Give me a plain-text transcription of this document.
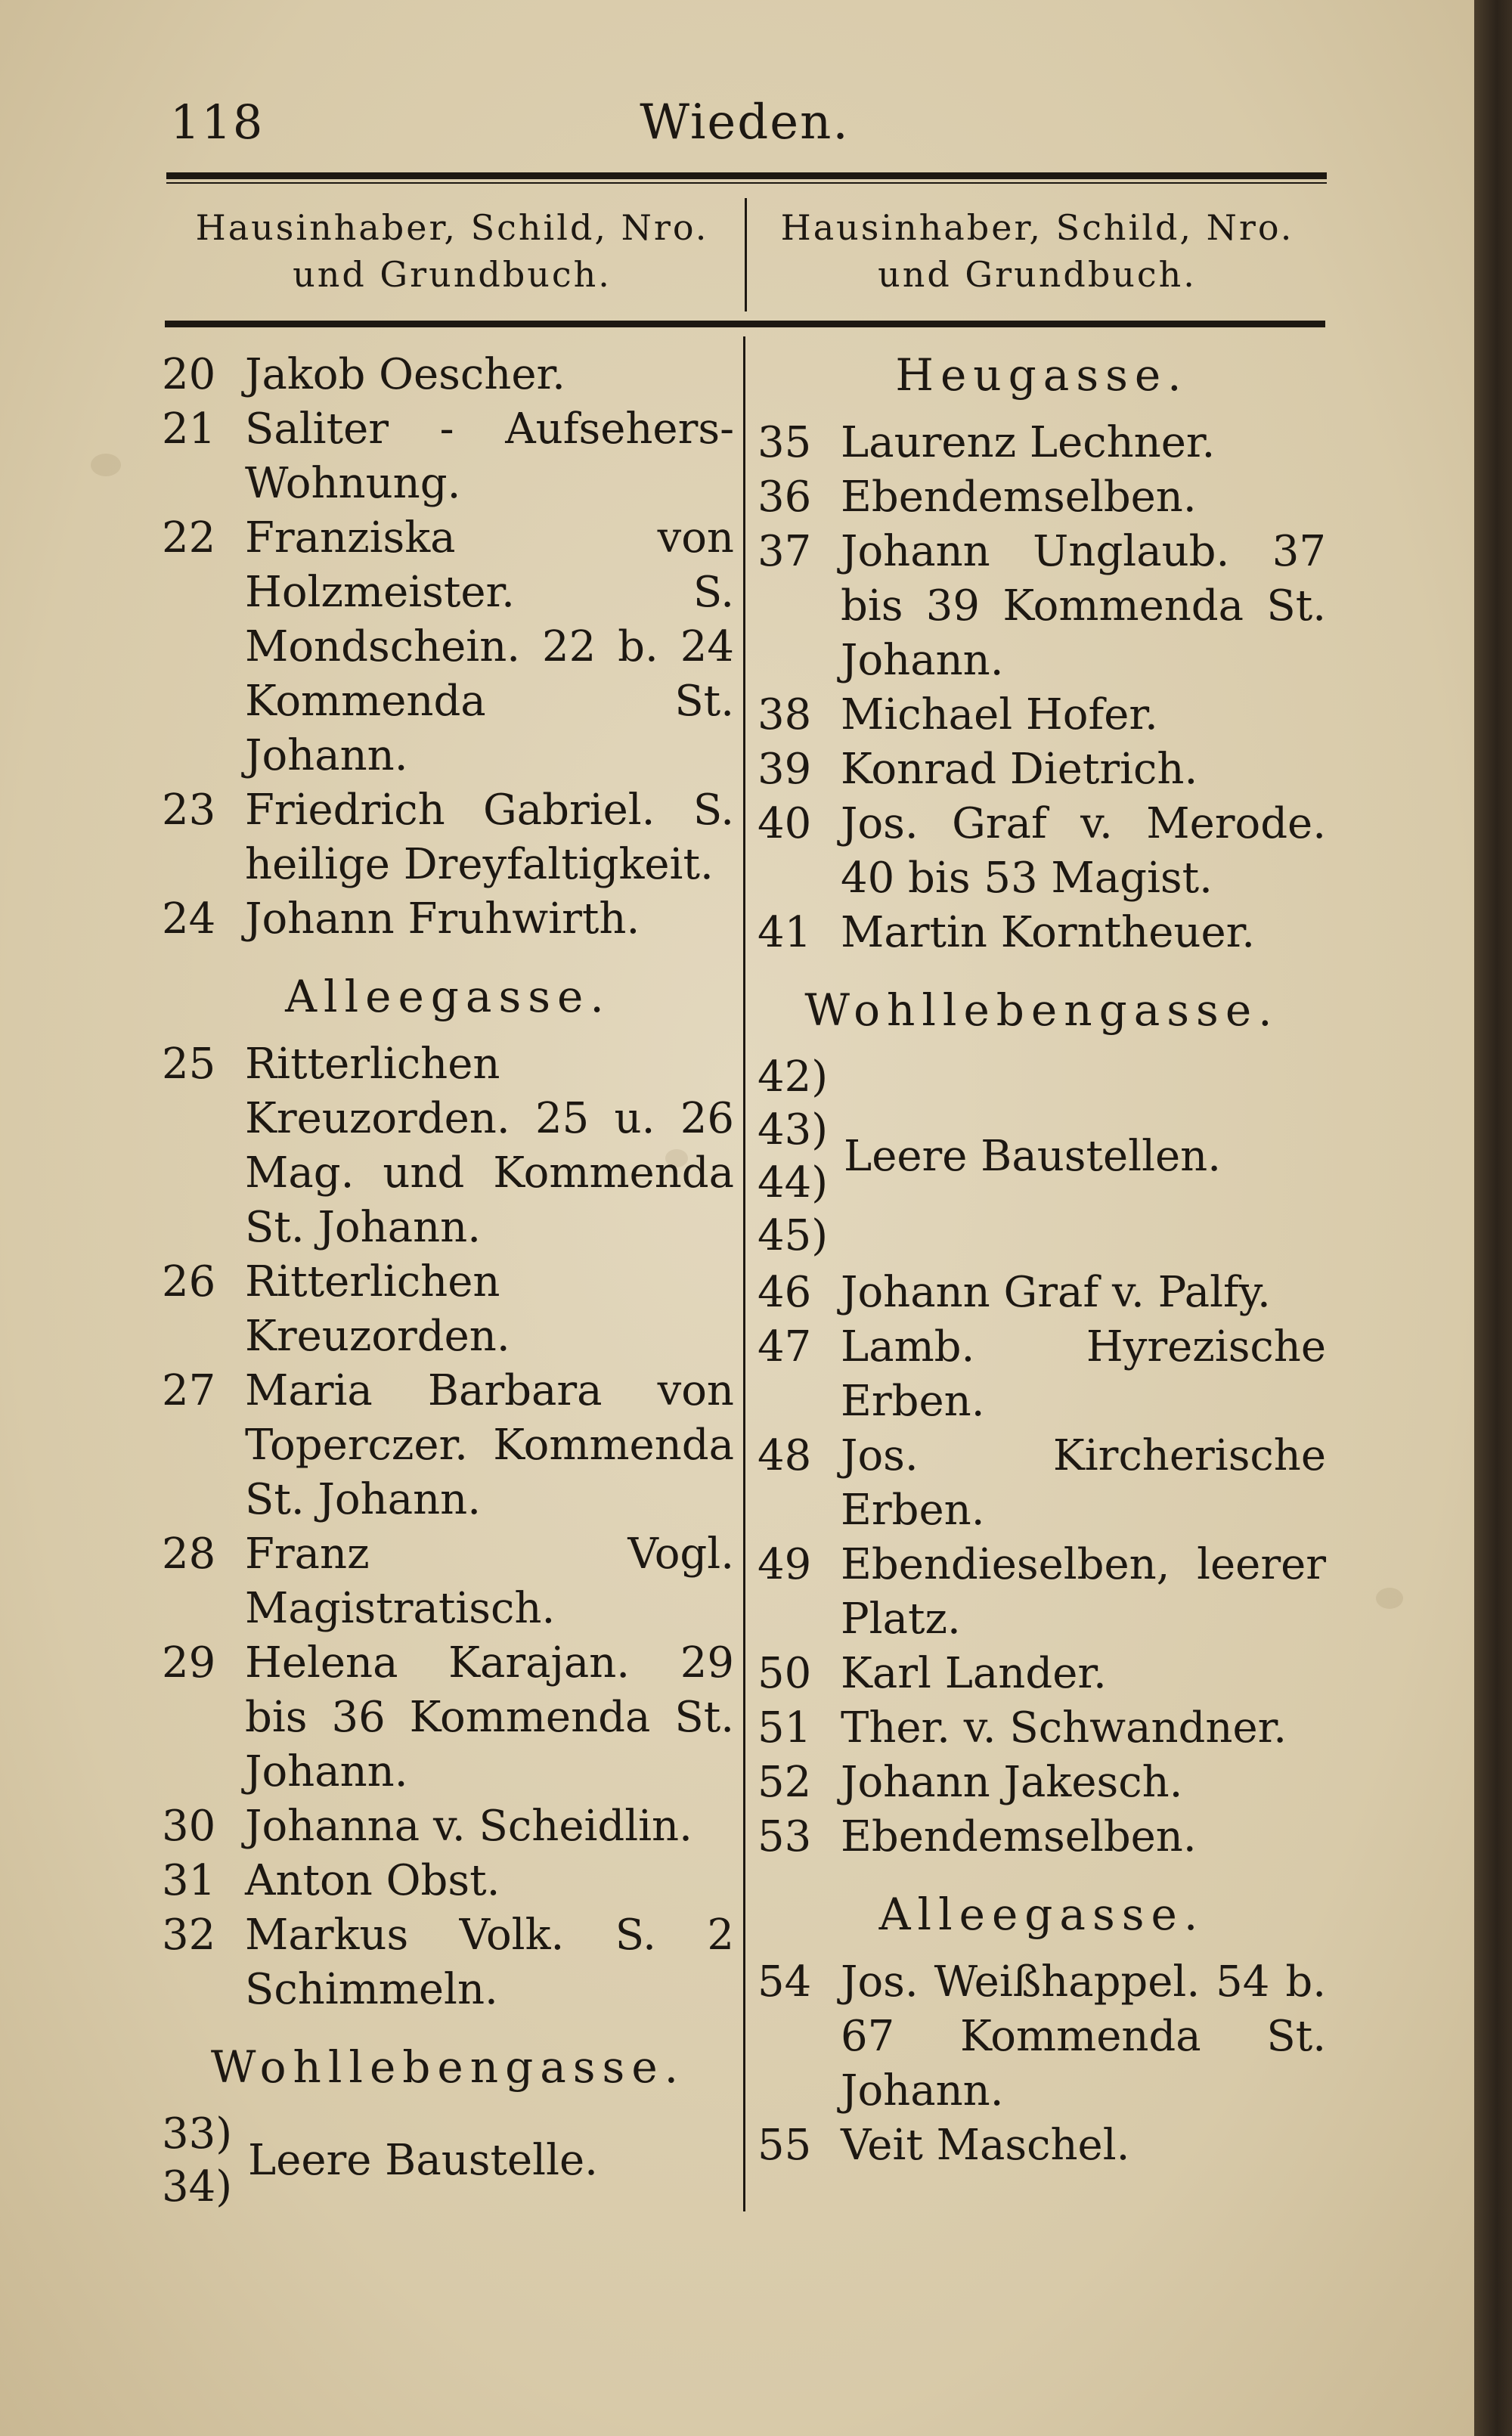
118	Wieden.
Hausinhaber, Schild, Nro.
und Grundbuch.
Hausinhaber, Schild, Nro.
und Grundbuch.
20 Jakob Oescher.
21 Saliter - Aufsehers-Wohnung.
22 Franziska von Holzmeister. S. Mondschein. 22 b. 24 Kommenda St. Johann.
23 Friedrich Gabriel. S. heilige Dreyfaltigkeit.
24 Johann Fruhwirth.
Alleegasse.
25 Ritterlichen Kreuzorden. 25 u. 26 Mag. und Kommenda St. Johann.
26 Ritterlichen Kreuzorden.
27 Maria Barbara von Toperczer. Kommenda St. Johann.
28 Franz Vogl. Magistratisch.
29 Helena Karajan. 29 bis 36 Kommenda St. Johann.
30 Johanna v. Scheidlin.
31 Anton Obst.
32 Markus Volk. S. 2 Schimmeln.
Wohllebengasse.
33)
34)
Leere Baustelle.
Heugasse.
35 Laurenz Lechner.
36 Ebendemselben.
37 Johann Unglaub. 37 bis 39 Kommenda St. Johann.
38 Michael Hofer.
39 Konrad Dietrich.
40 Jos. Graf v. Merode. 40 bis 53 Magist.
41 Martin Korntheuer.
Wohllebengasse.
42)
43)
44)
45)
Leere Baustellen.
46 Johann Graf v. Palfy.
47 Lamb. Hyrezische Erben.
48 Jos. Kircherische Erben.
49 Ebendieselben, leerer Platz.
50 Karl Lander.
51 Ther. v. Schwandner.
52 Johann Jakesch.
53 Ebendemselben.
Alleegasse.
54 Jos. Weißhappel. 54 b. 67 Kommenda St. Johann.
55 Veit Maschel.
